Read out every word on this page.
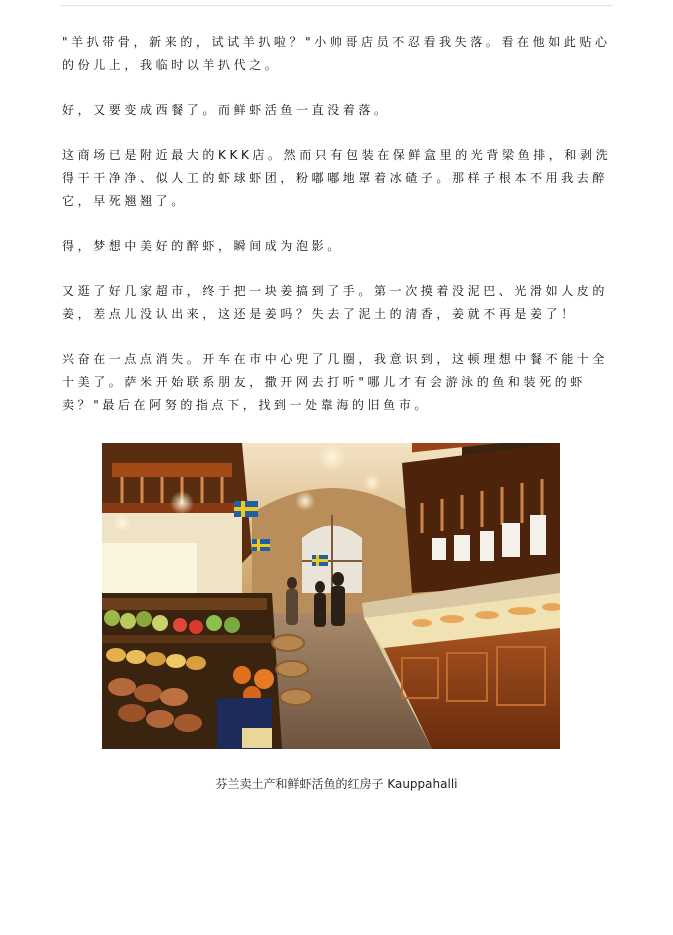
"羊扒带骨，新来的，试试羊扒啦？"小帅哥店员不忍看我失落。看在他如此贴心的份儿上，我临时以羊扒代之。

好，又要变成西餐了。而鲜虾活鱼一直没着落。

这商场已是附近最大的KKK店。然而只有包装在保鲜盒里的光背梁鱼排，和剥洗得干干净净、似人工的虾球虾团，粉嘟嘟地罩着冰碴子。那样子根本不用我去醉它，早死翘翘了。

得，梦想中美好的醉虾，瞬间成为泡影。

又逛了好几家超市，终于把一块姜搞到了手。第一次摸着没泥巴、光滑如人皮的姜，差点儿没认出来，这还是姜吗？失去了泥土的清香，姜就不再是姜了！

兴奋在一点点消失。开车在市中心兜了几圈，我意识到，这顿理想中餐不能十全十美了。萨米开始联系朋友，撒开网去打听"哪儿才有会游泳的鱼和装死的虾卖？"最后在阿努的指点下，找到一处靠海的旧鱼市。

芬兰卖土产和鲜虾活鱼的红房子 Kauppahalli
